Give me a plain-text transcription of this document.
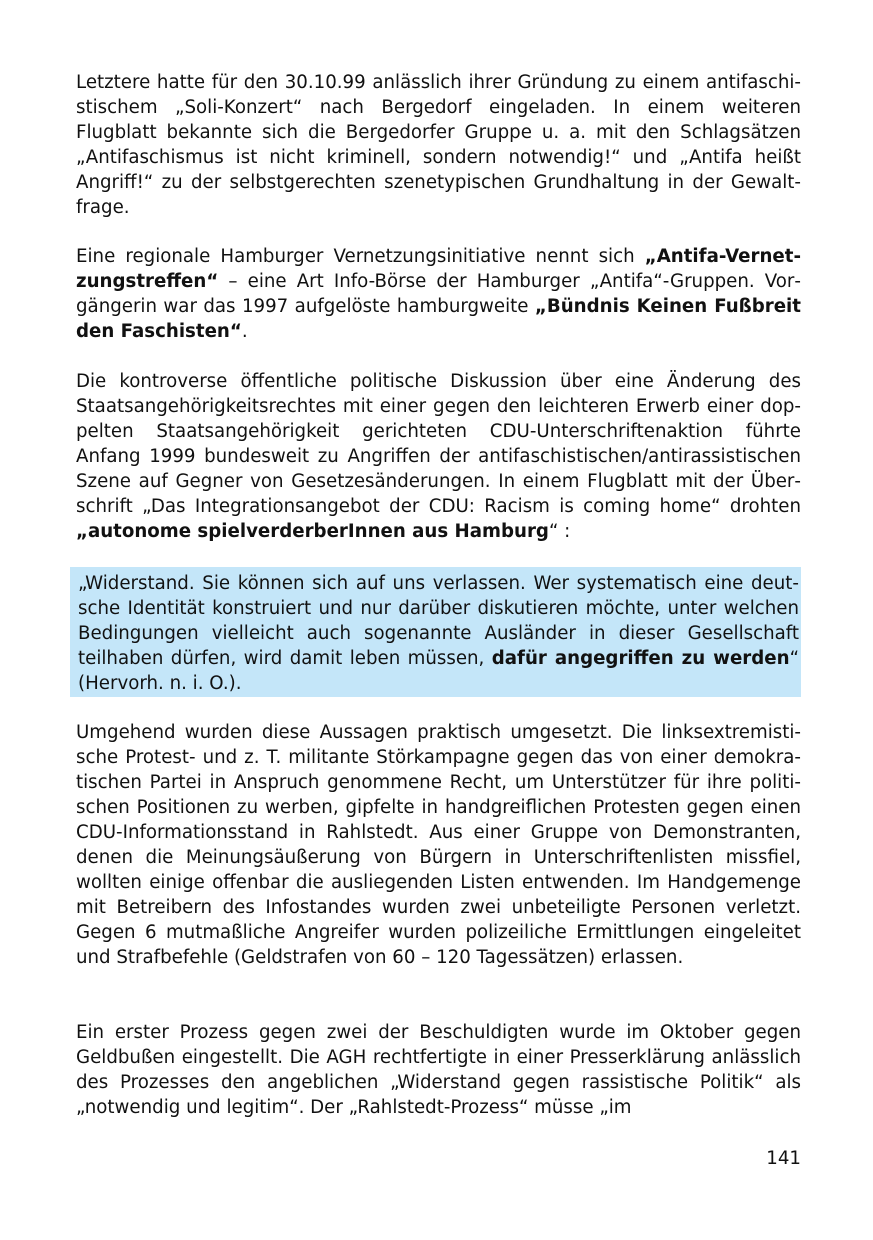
Letztere hatte für den 30.10.99 anlässlich ihrer Gründung zu einem antifaschistischem „Soli-Konzert“ nach Bergedorf eingeladen. In einem weiteren Flugblatt bekannte sich die Bergedorfer Gruppe u. a. mit den Schlagsätzen „Antifaschismus ist nicht kriminell, sondern notwendig!“ und „Antifa heißt Angriff!“ zu der selbstgerechten szenetypischen Grundhaltung in der Gewaltfrage.

Eine regionale Hamburger Vernetzungsinitiative nennt sich „Antifa-Vernetzungstreffen“ – eine Art Info-Börse der Hamburger „Antifa“-Gruppen. Vorgängerin war das 1997 aufgelöste hamburgweite „Bündnis Keinen Fußbreit den Faschisten“.

Die kontroverse öffentliche politische Diskussion über eine Änderung des Staatsangehörigkeitsrechtes mit einer gegen den leichteren Erwerb einer doppelten Staatsangehörigkeit gerichteten CDU-Unterschriftenaktion führte Anfang 1999 bundesweit zu Angriffen der antifaschistischen/antirassistischen Szene auf Gegner von Gesetzesänderungen. In einem Flugblatt mit der Überschrift „Das Integrationsangebot der CDU: Racism is coming home“ drohten „autonome spielverderberInnen aus Hamburg“ :

„Widerstand. Sie können sich auf uns verlassen. Wer systematisch eine deutsche Identität konstruiert und nur darüber diskutieren möchte, unter welchen Bedingungen vielleicht auch sogenannte Ausländer in dieser Gesellschaft teilhaben dürfen, wird damit leben müssen, dafür angegriffen zu werden“ (Hervorh. n. i. O.).

Umgehend wurden diese Aussagen praktisch umgesetzt. Die linksextremistische Protest- und z. T. militante Störkampagne gegen das von einer demokratischen Partei in Anspruch genommene Recht, um Unterstützer für ihre politischen Positionen zu werben, gipfelte in handgreiflichen Protesten gegen einen CDU-Informationsstand in Rahlstedt. Aus einer Gruppe von Demonstranten, denen die Meinungsäußerung von Bürgern in Unterschriftenlisten missfiel, wollten einige offenbar die ausliegenden Listen entwenden. Im Handgemenge mit Betreibern des Infostandes wurden zwei unbeteiligte Personen verletzt. Gegen 6 mutmaßliche Angreifer wurden polizeiliche Ermittlungen eingeleitet und Strafbefehle (Geldstrafen von 60 – 120 Tagessätzen) erlassen.

Ein erster Prozess gegen zwei der Beschuldigten wurde im Oktober gegen Geldbußen eingestellt. Die AGH rechtfertigte in einer Presserklärung anlässlich des Prozesses den angeblichen „Widerstand gegen rassistische Politik“ als „notwendig und legitim“. Der „Rahlstedt-Prozess“ müsse „im

141
